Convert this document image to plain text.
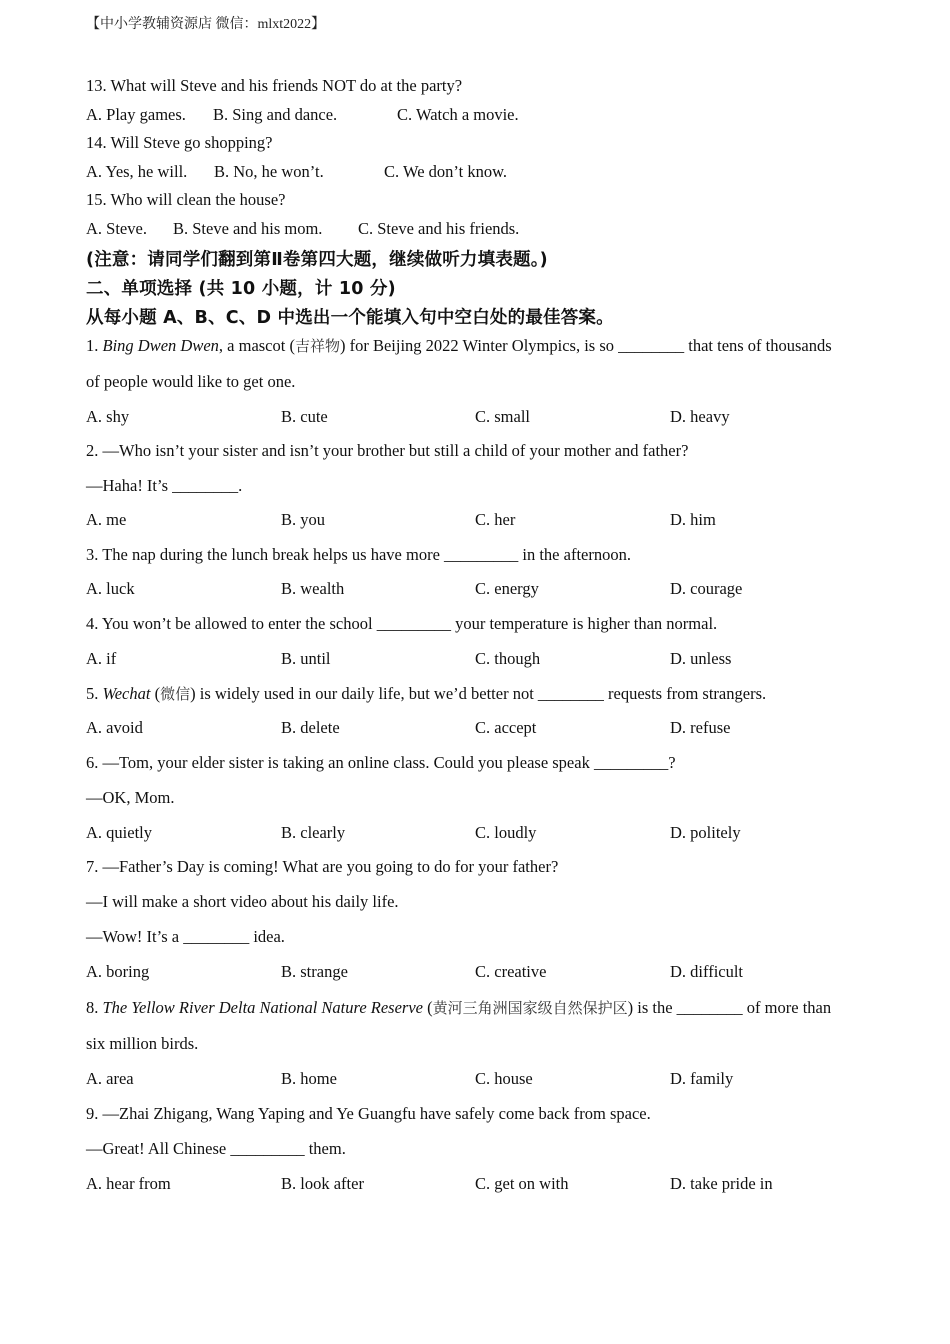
【中小学教辅资源店 微信：mlxt2022】
13. What will Steve and his friends NOT do at the party?
A. Play games. B. Sing and dance.	C. Watch a movie.
14. Will Steve go shopping?
A. Yes, he will. B. No, he won’t.	C. We don’t know.
15. Who will clean the house?
A. Steve. B. Steve and his mom. C. Steve and his friends.
(注意：请同学们翻到第Ⅱ卷第四大题，继续做听力填表题。)
二、单项选择 (共 10 小题，计 10 分)
从每小题 A、B、C、D 中选出一个能填入句中空白处的最佳答案。
1. Bing Dwen Dwen, a mascot (吉祥物) for Beijing 2022 Winter Olympics, is so ________ that tens of thousands
of people would like to get one.
A. shy	B. cute	C. small	D. heavy
2. —Who isn’t your sister and isn’t your brother but still a child of your mother and father?
—Haha! It’s ________.
A. me	B. you	C. her	D. him
3. The nap during the lunch break helps us have more _________ in the afternoon.
A. luck	B. wealth	C. energy	D. courage
4. You won’t be allowed to enter the school _________ your temperature is higher than normal.
A. if	B. until	C. though	D. unless
5. Wechat (微信) is widely used in our daily life, but we’d better not ________ requests from strangers.
A. avoid	B. delete	C. accept	D. refuse
6. —Tom, your elder sister is taking an online class. Could you please speak _________?
—OK, Mom.
A. quietly	B. clearly	C. loudly	D. politely
7. —Father’s Day is coming! What are you going to do for your father?
—I will make a short video about his daily life.
—Wow! It’s a ________ idea.
A. boring	B. strange	C. creative	D. difficult
8. The Yellow River Delta National Nature Reserve (黄河三角洲国家级自然保护区) is the ________ of more than
six million birds.
A. area	B. home	C. house	D. family
9. —Zhai Zhigang, Wang Yaping and Ye Guangfu have safely come back from space.
—Great! All Chinese _________ them.
A. hear from	B. look after	C. get on with	D. take pride in
